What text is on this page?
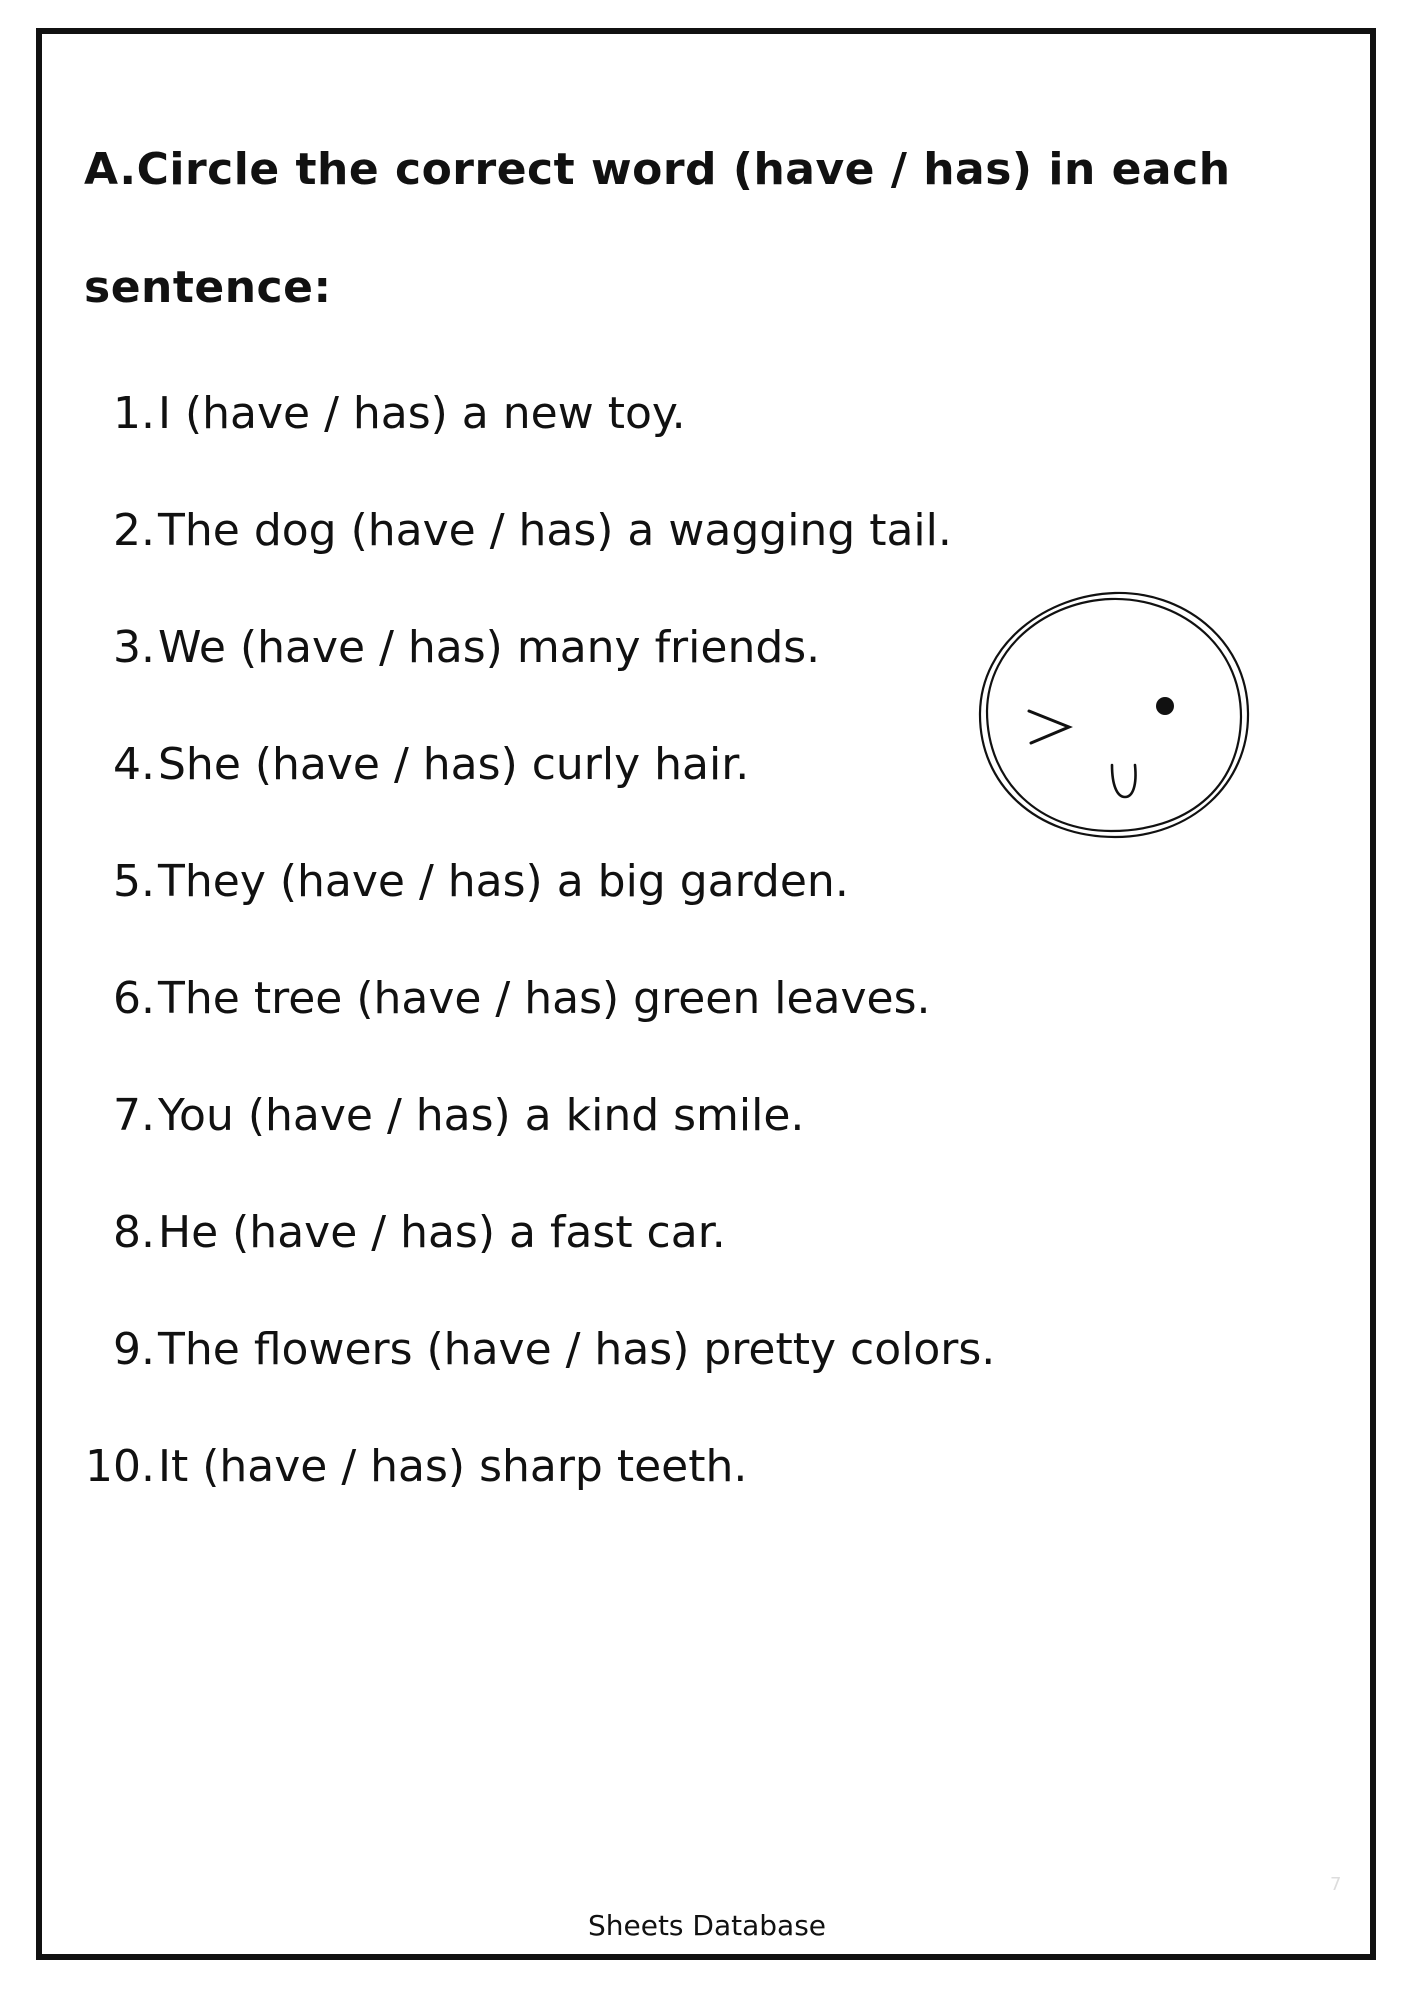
A.Circle the correct word (have / has) in each
sentence:
1. I (have / has) a new toy.
2. The dog (have / has) a wagging tail.
3. We (have / has) many friends.
4. She (have / has) curly hair.
5. They (have / has) a big garden.
6. The tree (have / has) green leaves.
7. You (have / has) a kind smile.
8. He (have / has) a fast car.
9. The flowers (have / has) pretty colors.
10. It (have / has) sharp teeth.
Sheets Database
7
